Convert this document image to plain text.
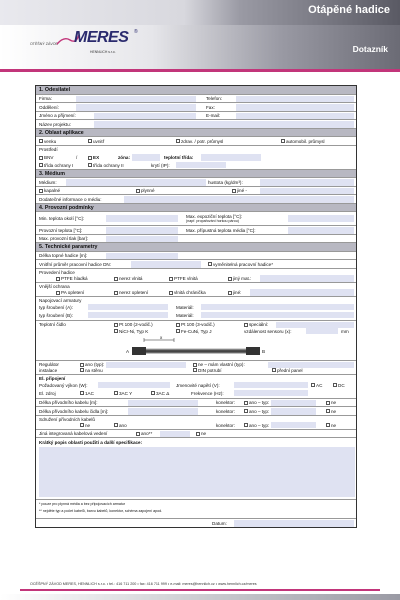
Otápěné hadice
Dotazník
OTĚŠNÝ ZÁVOD MERES ®
HENNLICH s.r.o.
1. Odesilatel
Firma:	Telefon:
Oddělení:	Fax:
Jméno a příjmení:	E-mail:
Název projektu:
2. Oblast aplikace
venku	uvnitř	zdrav. / potr. průmysl	automobil. průmysl
Prostředí
BNV	/	EX	zóna:	teplotní třída:
třída ochrany I	třída ochrany II	krytí (IP):
3. Médium
Médium:	hustota (kg/dm³):
kapalné	plynné	jiné -
Dodatečné informace o médiu:
4. Provozní podmínky
Min. teplota okolí [°C]:	Max. expoziční teplota [°C]:
(např. propařování horkou párou)
Provozní teplota [°C]:	Max. přípustná teplota média [°C]:
Max. provozní tlak [bar]:
5. Technické parametry
Délka topné hadice [m]:
Vnitřní průměr pracovní hadice DN:	vyměnitelná pracovní hadice*
Provedení hadice
PTFE hladká	nerez vlnitá	PTFE vlnitá	jiný mat.:
Vnější ochrana
PA opletení	nerez opletení	vlnitá chránička	jiné:
Napojovací armatury
typ šroubení (A):	Materiál:
typ šroubení (B):	Materiál:
Teplotní čidlo	Pt 100 (2-vodič.)	Pt 100 (3-vodič.)	speciální:
NiCr-Ni, Typ K	Fe-CuNi, Typ J	vzdálenost sensoru (x):	mm
x
A	B
Regulátor	ano (typ):	ne – mám vlastní (typ):
instalace	na stěnu	DIN potrubí	přední panel
El. připojení
Požadovaný výkon (W):	Jmenovité napětí (V):	AC	DC
El. zdroj	1AC	3AC Y	3AC Δ	Frekvence (Hz):
Délka přívodního kabelu [m]:	konektor:	ano – typ:	ne
Délka přívodního kabelu čidla [m]:	konektor:	ano – typ:	ne
Sdružení přívodních kabelů
ne	ano	konektor:	ano – typ:	ne
Jiná integrovaná kabelová vedení	ano**	ne
Krátký popis oblasti použití a další specifikace:
* pouze pro plynná média a bez připojovacích armatur
** nejděte typ a počet kabelů, barvu kabelů, konektor, schéma zapojení apod.
Datum:
OCĚŠPNÝ ZÁVOD MERES, HENNLICH s.r.o. • tel.: 416 711 200 • fax: 416 711 999 • e-mail: meres@hennlich.cz • www.hennlich.cz/meres
